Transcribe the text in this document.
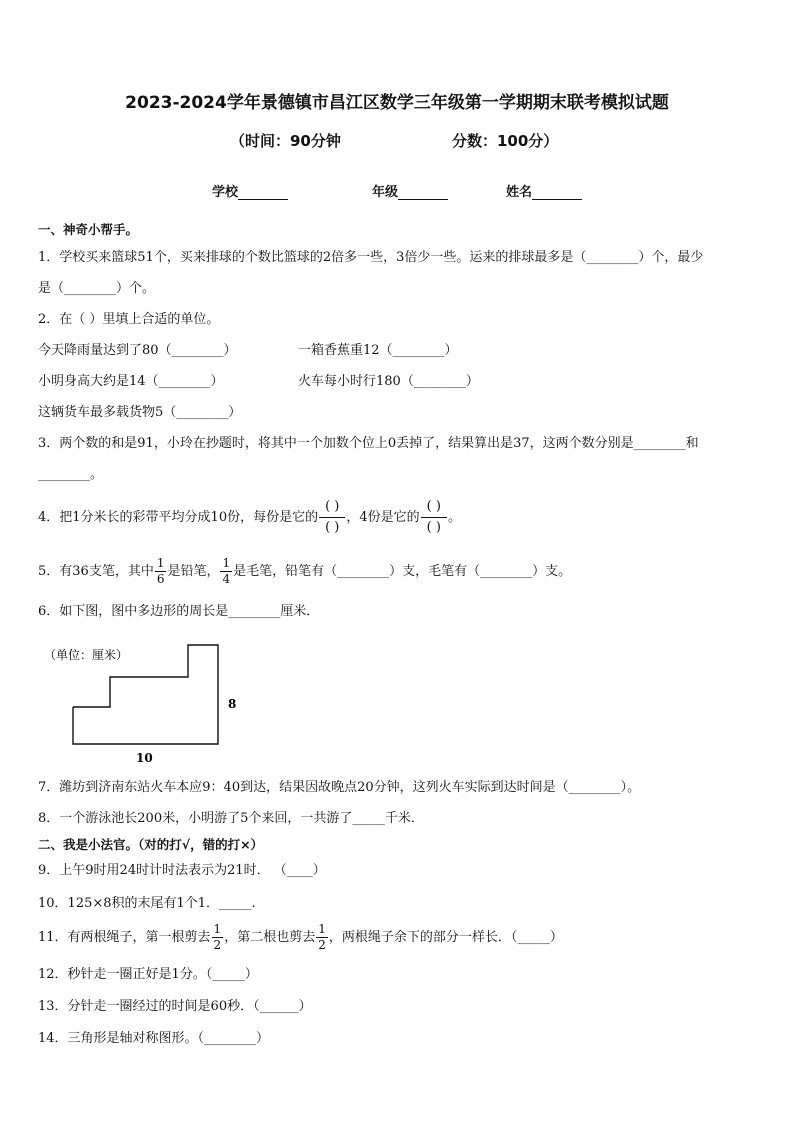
2023-2024学年景德镇市昌江区数学三年级第一学期期末联考模拟试题
（时间：90分钟	分数：100分）
学校	年级	姓名
一、神奇小帮手。
1．学校买来篮球51个，买来排球的个数比篮球的2倍多一些，3倍少一些。运来的排球最多是（________）个，最少
是（________）个。
2．在（ ）里填上合适的单位。
今天降雨量达到了80（________）	一箱香蕉重12（________）
小明身高大约是14（________）	火车每小时行180（________）
这辆货车最多载货物5（________）
3．两个数的和是91，小玲在抄题时，将其中一个加数个位上0丢掉了，结果算出是37，这两个数分别是________和
________。
4．把1分米长的彩带平均分成10份，每份是它的 $\frac{( )}{( )}$ ，4份是它的 $\frac{( )}{( )}$ 。
5．有36支笔，其中 $\frac{1}{6}$ 是铅笔， $\frac{1}{4}$ 是毛笔，铅笔有（________）支，毛笔有（________）支。
6．如下图，图中多边形的周长是________厘米．
（单位：厘米）
8
10
7．潍坊到济南东站火车本应9：40到达，结果因故晚点20分钟，这列火车实际到达时间是（________）。
8．一个游泳池长200米，小明游了5个来回，一共游了_____千米．
二、我是小法官。（对的打√，错的打×）
9．上午9时用24时计时法表示为21时． （____）
10．125×8积的末尾有1个1．_____.
11．有两根绳子，第一根剪去 $\frac{1}{2}$ ，第二根也剪去 $\frac{1}{2}$ ，两根绳子余下的部分一样长．（_____）
12．秒针走一圈正好是1分。（_____）
13．分针走一圈经过的时间是60秒．（______）
14．三角形是轴对称图形。（________）
